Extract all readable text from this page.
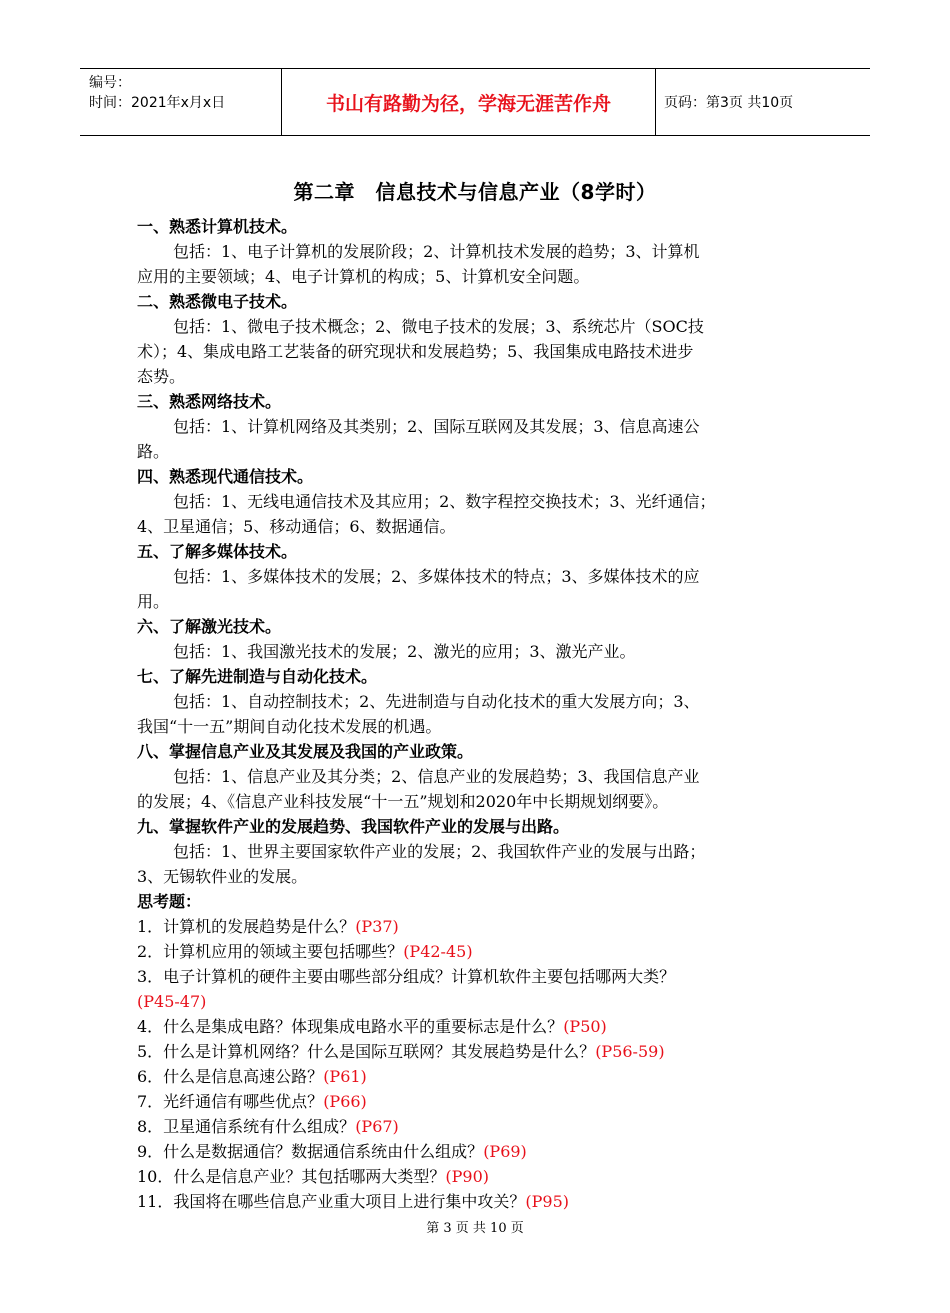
编号：
时间：2021年x月x日	书山有路勤为径，学海无涯苦作舟	页码：第3页 共10页
第二章　信息技术与信息产业（8学时）
一、熟悉计算机技术。
包括：1、电子计算机的发展阶段；2、计算机技术发展的趋势；3、计算机
应用的主要领域；4、电子计算机的构成；5、计算机安全问题。
二、熟悉微电子技术。
包括：1、微电子技术概念；2、微电子技术的发展；3、系统芯片（SOC技
术）；4、集成电路工艺装备的研究现状和发展趋势；5、我国集成电路技术进步
态势。
三、熟悉网络技术。
包括：1、计算机网络及其类别；2、国际互联网及其发展；3、信息高速公
路。
四、熟悉现代通信技术。
包括：1、无线电通信技术及其应用；2、数字程控交换技术；3、光纤通信；
4、卫星通信；5、移动通信；6、数据通信。
五、了解多媒体技术。
包括：1、多媒体技术的发展；2、多媒体技术的特点；3、多媒体技术的应
用。
六、了解激光技术。
包括：1、我国激光技术的发展；2、激光的应用；3、激光产业。
七、了解先进制造与自动化技术。
包括：1、自动控制技术；2、先进制造与自动化技术的重大发展方向；3、
我国“十一五”期间自动化技术发展的机遇。
八、掌握信息产业及其发展及我国的产业政策。
包括：1、信息产业及其分类；2、信息产业的发展趋势；3、我国信息产业
的发展；4、《信息产业科技发展“十一五”规划和2020年中长期规划纲要》。
九、掌握软件产业的发展趋势、我国软件产业的发展与出路。
包括：1、世界主要国家软件产业的发展；2、我国软件产业的发展与出路；
3、无锡软件业的发展。
思考题：
1．计算机的发展趋势是什么？(P37)
2．计算机应用的领域主要包括哪些？(P42-45)
3．电子计算机的硬件主要由哪些部分组成？计算机软件主要包括哪两大类？
(P45-47)
4．什么是集成电路？体现集成电路水平的重要标志是什么？(P50)
5．什么是计算机网络？什么是国际互联网？其发展趋势是什么？(P56-59)
6．什么是信息高速公路？(P61)
7．光纤通信有哪些优点？(P66)
8．卫星通信系统有什么组成？(P67)
9．什么是数据通信？数据通信系统由什么组成？(P69)
10．什么是信息产业？其包括哪两大类型？(P90)
11．我国将在哪些信息产业重大项目上进行集中攻关？(P95)
第 3 页 共 10 页
